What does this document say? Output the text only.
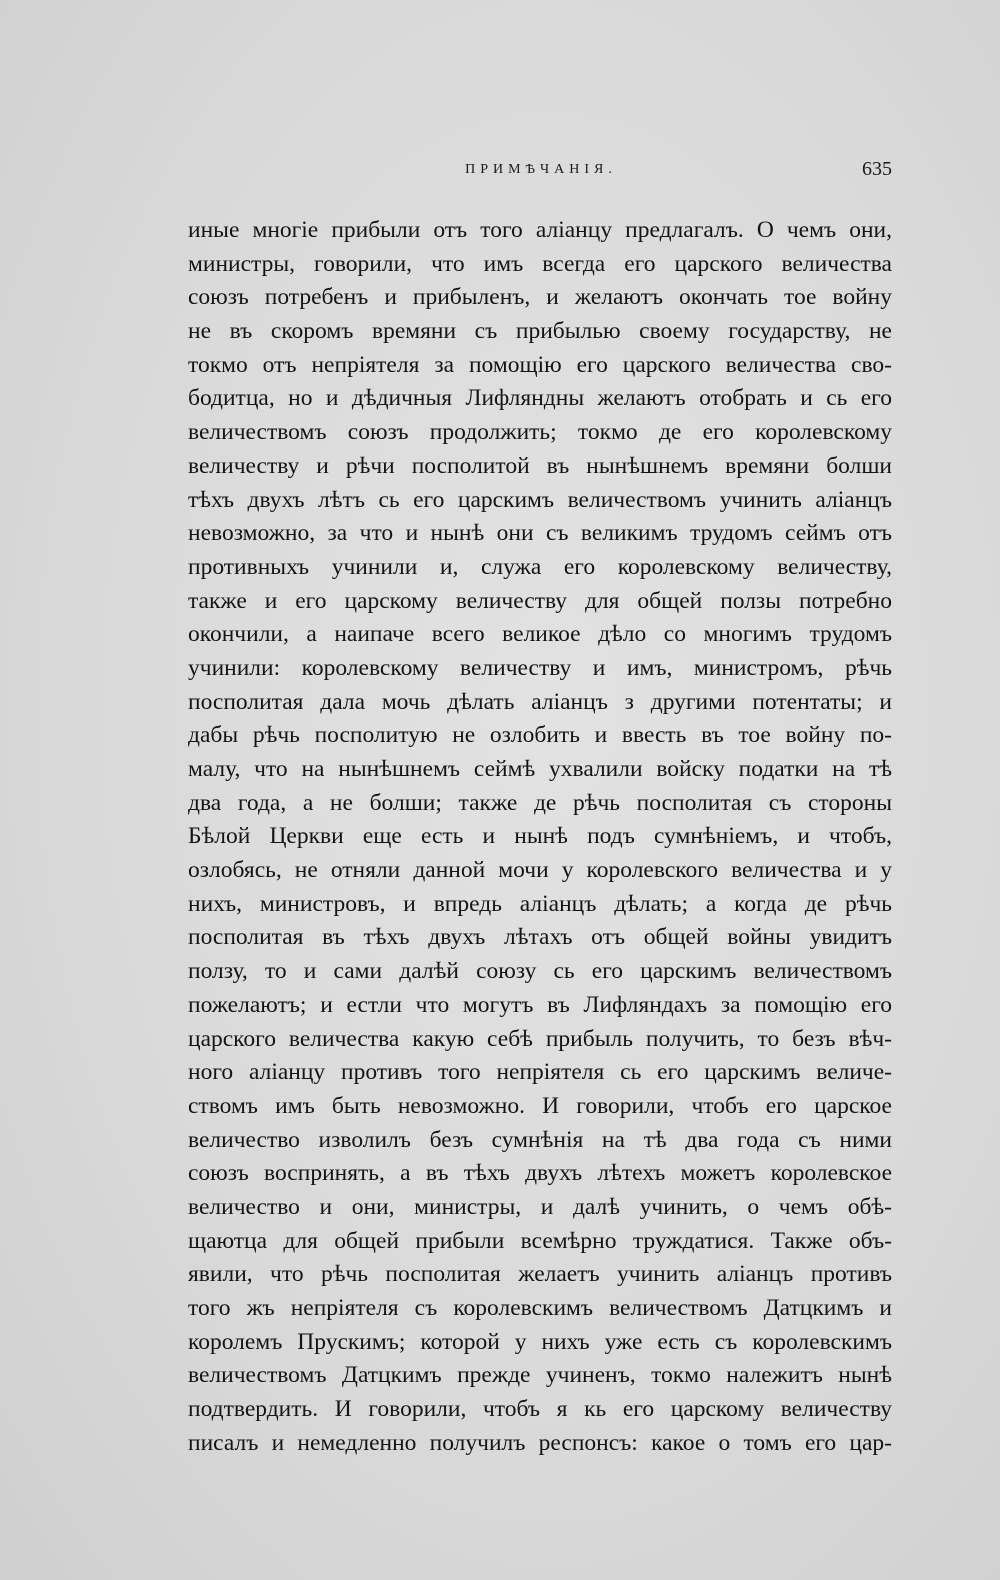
ПРИМѢЧАНІЯ.	635
иные многіе прибыли отъ того аліанцу предлагалъ. О чемъ они,
министры, говорили, что имъ всегда его царского величества
союзъ потребенъ и прибыленъ, и желаютъ окончать тое войну
не въ скоромъ времяни съ прибылью своему государству, не
токмо отъ непріятеля за помощію его царского величества сво-
бодитца, но и дѣдичныя Лифляндны желаютъ отобрать и сь его
величествомъ союзъ продолжить; токмо де его королевскому
величеству и рѣчи посполитой въ нынѣшнемъ времяни болши
тѣхъ двухъ лѣтъ сь его царскимъ величествомъ учинить аліанцъ
невозможно, за что и нынѣ они съ великимъ трудомъ сеймъ отъ
противныхъ учинили и, служа его королевскому величеству,
также и его царскому величеству для общей ползы потребно
окончили, а наипаче всего великое дѣло со многимъ трудомъ
учинили: королевскому величеству и имъ, министромъ, рѣчь
посполитая дала мочь дѣлать аліанцъ з другими потентаты; и
дабы рѣчь посполитую не озлобить и ввесть въ тое войну по-
малу, что на нынѣшнемъ сеймѣ ухвалили войску податки на тѣ
два года, а не болши; также де рѣчь посполитая съ стороны
Бѣлой Церкви еще есть и нынѣ подъ сумнѣніемъ, и чтобъ,
озлобясь, не отняли данной мочи у королевского величества и у
нихъ, министровъ, и впредь аліанцъ дѣлать; а когда де рѣчь
посполитая въ тѣхъ двухъ лѣтахъ отъ общей войны увидитъ
ползу, то и сами далѣй союзу сь его царскимъ величествомъ
пожелаютъ; и естли что могутъ въ Лифляндахъ за помощію его
царского величества какую себѣ прибыль получить, то безъ вѣч-
ного аліанцу противъ того непріятеля сь его царскимъ величе-
ствомъ имъ быть невозможно. И говорили, чтобъ его царское
величество изволилъ безъ сумнѣнія на тѣ два года съ ними
союзъ воспринять, а въ тѣхъ двухъ лѣтехъ можетъ королевское
величество и они, министры, и далѣ учинить, о чемъ обѣ-
щаютца для общей прибыли всемѣрно труждатися. Также объ-
явили, что рѣчь посполитая желаетъ учинить аліанцъ противъ
того жъ непріятеля съ королевскимъ величествомъ Датцкимъ и
королемъ Прускимъ; которой у нихъ уже есть съ королевскимъ
величествомъ Датцкимъ прежде учиненъ, токмо належитъ нынѣ
подтвердить. И говорили, чтобъ я кь его царскому величеству
писалъ и немедленно получилъ респонсъ: какое о томъ его цар-
